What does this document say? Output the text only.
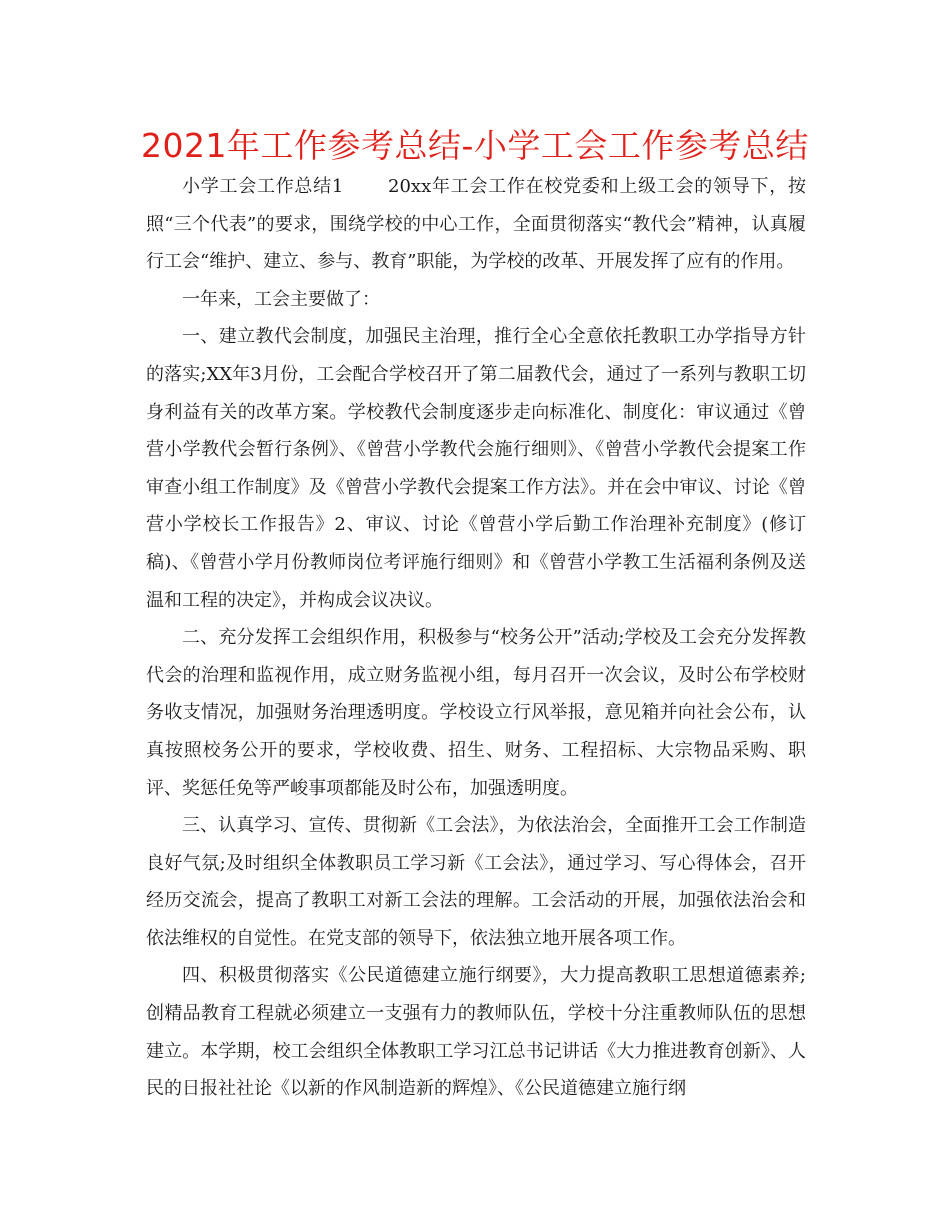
2021年工作参考总结-小学工会工作参考总结

小学工会工作总结1　　 20xx年工会工作在校党委和上级工会的领导下，按照“三个代表”的要求，围绕学校的中心工作，全面贯彻落实“教代会”精神，认真履行工会“维护、建立、参与、教育”职能，为学校的改革、开展发挥了应有的作用。

一年来，工会主要做了：

一、建立教代会制度，加强民主治理，推行全心全意依托教职工办学指导方针的落实;XX年3月份，工会配合学校召开了第二届教代会，通过了一系列与教职工切身利益有关的改革方案。学校教代会制度逐步走向标准化、制度化：审议通过《曾营小学教代会暂行条例》、《曾营小学教代会施行细则》、《曾营小学教代会提案工作审查小组工作制度》及《曾营小学教代会提案工作方法》。并在会中审议、讨论《曾营小学校长工作报告》2、审议、讨论《曾营小学后勤工作治理补充制度》(修订稿)、《曾营小学月份教师岗位考评施行细则》和《曾营小学教工生活福利条例及送温和工程的决定》，并构成会议决议。

二、充分发挥工会组织作用，积极参与“校务公开”活动;学校及工会充分发挥教代会的治理和监视作用，成立财务监视小组，每月召开一次会议，及时公布学校财务收支情况，加强财务治理透明度。学校设立行风举报，意见箱并向社会公布，认真按照校务公开的要求，学校收费、招生、财务、工程招标、大宗物品采购、职评、奖惩任免等严峻事项都能及时公布，加强透明度。

三、认真学习、宣传、贯彻新《工会法》，为依法治会，全面推开工会工作制造良好气氛;及时组织全体教职员工学习新《工会法》，通过学习、写心得体会，召开经历交流会，提高了教职工对新工会法的理解。工会活动的开展，加强依法治会和依法维权的自觉性。在党支部的领导下，依法独立地开展各项工作。

四、积极贯彻落实《公民道德建立施行纲要》，大力提高教职工思想道德素养;创精品教育工程就必须建立一支强有力的教师队伍，学校十分注重教师队伍的思想建立。本学期，校工会组织全体教职工学习江总书记讲话《大力推进教育创新》、人民的日报社社论《以新的作风制造新的辉煌》、《公民道德建立施行纲
